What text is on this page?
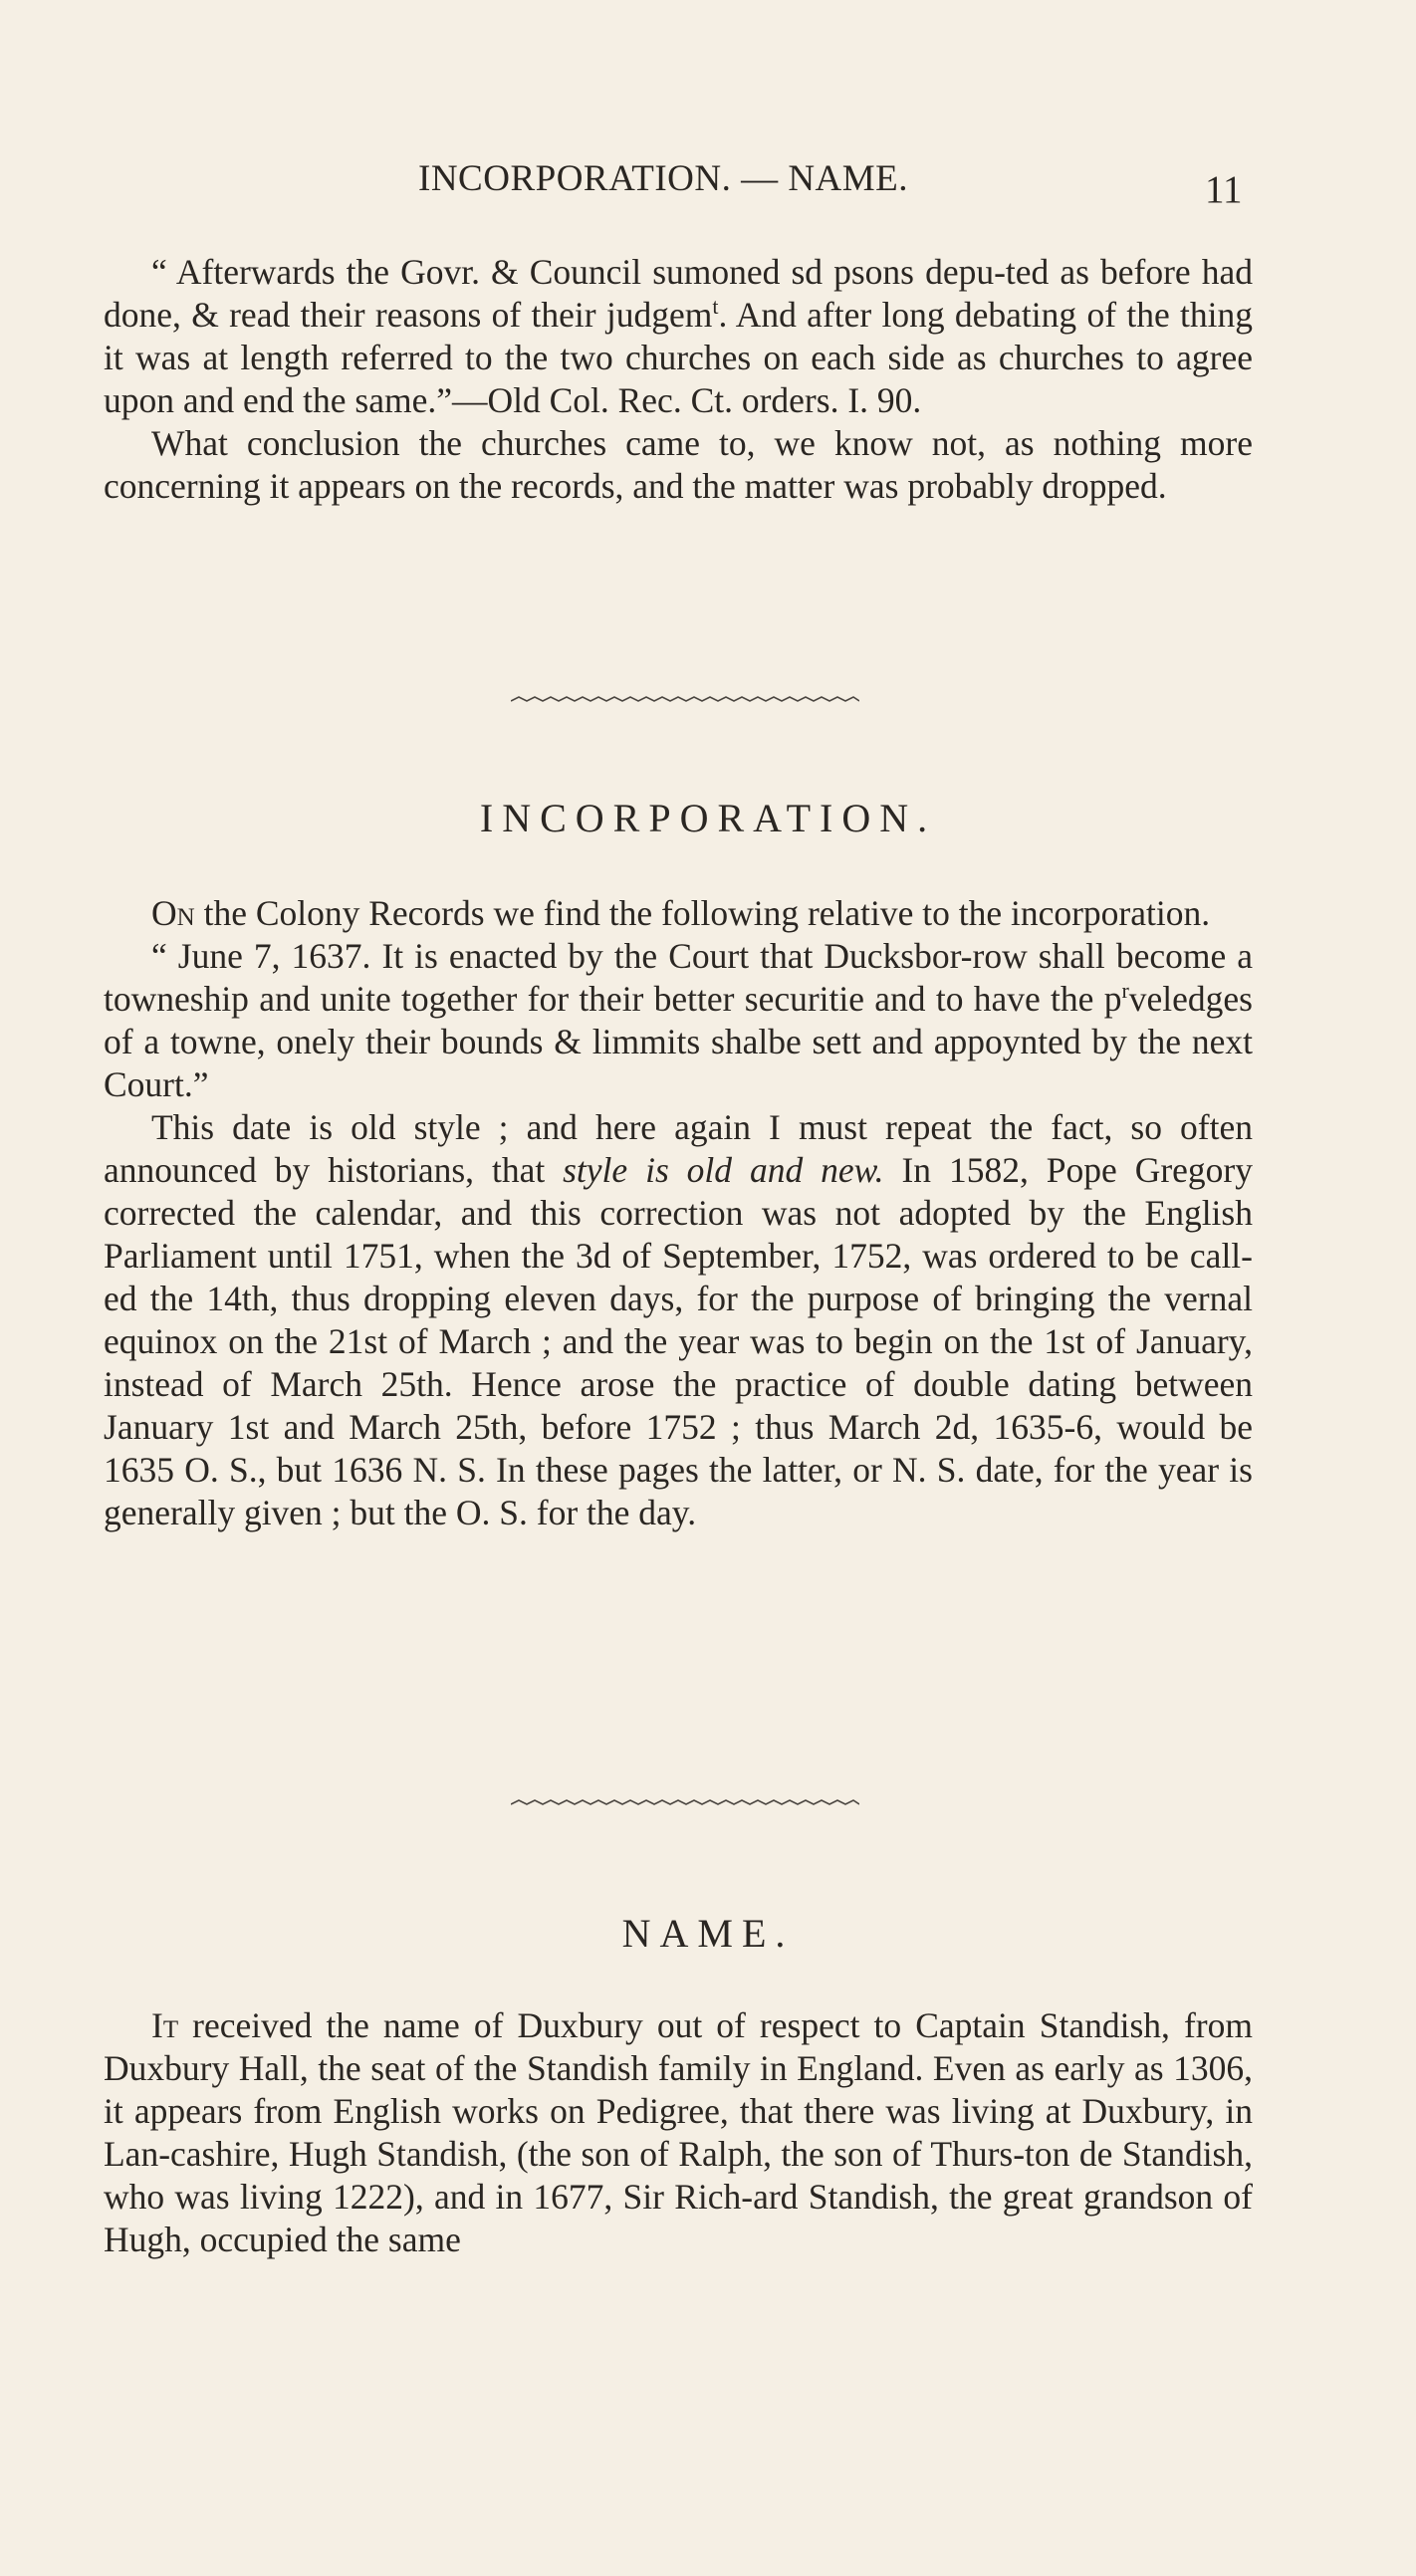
INCORPORATION. — NAME.	11

“ Afterwards the Govr. & Council sumoned sd psons depu-ted as before had done, & read their reasons of their judgem$^t$. And after long debating of the thing it was at length referred to the two churches on each side as churches to agree upon and end the same.”—Old Col. Rec. Ct. orders. I. 90.

What conclusion the churches came to, we know not, as nothing more concerning it appears on the records, and the matter was probably dropped.

INCORPORATION.

On the Colony Records we find the following relative to the incorporation.

“ June 7, 1637. It is enacted by the Court that Ducksbor-row shall become a towneship and unite together for their better securitie and to have the $p^rveledges$ of a towne, onely their bounds & limmits shalbe sett and appoynted by the next Court.”

This date is old style ; and here again I must repeat the fact, so often announced by historians, that style is old and new. In 1582, Pope Gregory corrected the calendar, and this correction was not adopted by the English Parliament until 1751, when the 3d of September, 1752, was ordered to be call-ed the 14th, thus dropping eleven days, for the purpose of bringing the vernal equinox on the 21st of March ; and the year was to begin on the 1st of January, instead of March 25th. Hence arose the practice of double dating between January 1st and March 25th, before 1752 ; thus March 2d, 1635-6, would be 1635 O. S., but 1636 N. S. In these pages the latter, or N. S. date, for the year is generally given ; but the O. S. for the day.

NAME.

It received the name of Duxbury out of respect to Captain Standish, from Duxbury Hall, the seat of the Standish family in England. Even as early as 1306, it appears from English works on Pedigree, that there was living at Duxbury, in Lan-cashire, Hugh Standish, (the son of Ralph, the son of Thurs-ton de Standish, who was living 1222), and in 1677, Sir Rich-ard Standish, the great grandson of Hugh, occupied the same
